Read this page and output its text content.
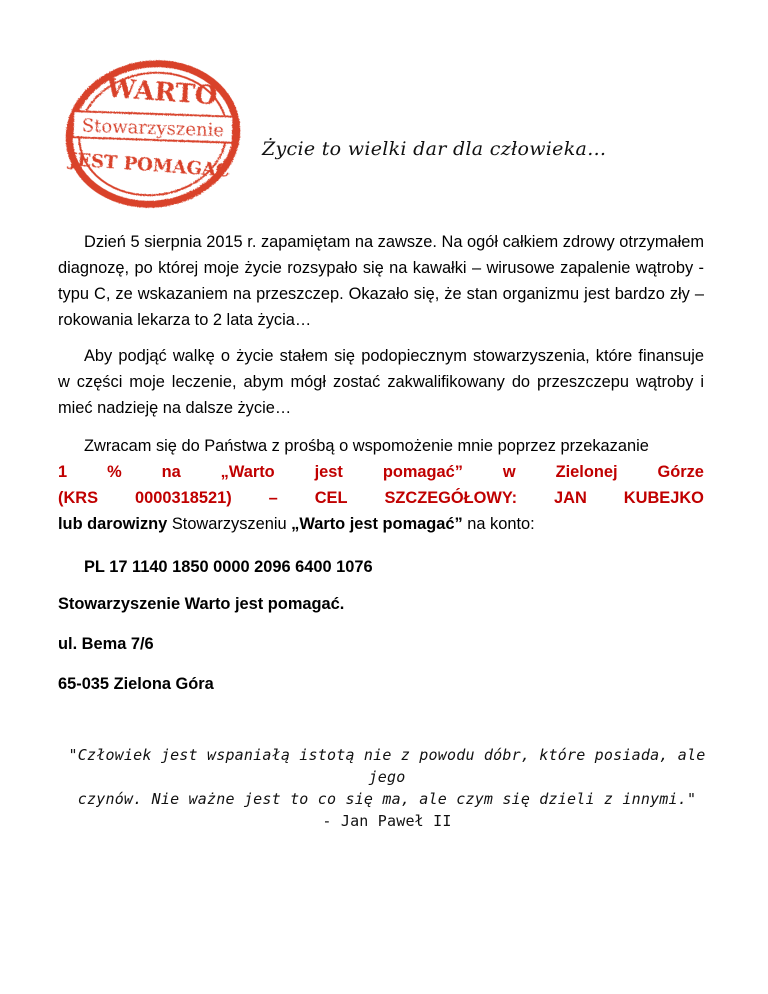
WARTO
Stowarzyszenie
JEST POMAGAĆ
Życie to wielki dar dla człowieka…

Dzień 5 sierpnia 2015 r. zapamiętam na zawsze. Na ogół całkiem zdrowy otrzymałem diagnozę, po której moje życie rozsypało się na kawałki – wirusowe zapalenie wątroby - typu C, ze wskazaniem na przeszczep. Okazało się, że stan organizmu jest bardzo zły – rokowania lekarza to 2 lata życia…

Aby podjąć walkę o życie stałem się podopiecznym stowarzyszenia, które finansuje w części moje leczenie, abym mógł zostać zakwalifikowany do przeszczepu wątroby i mieć nadzieję na dalsze życie…

Zwracam się do Państwa z prośbą o wspomożenie mnie poprzez przekazanie
1 % na „Warto jest pomagać” w Zielonej Górze
(KRS 0000318521) – CEL SZCZEGÓŁOWY: JAN KUBEJKO
lub darowizny Stowarzyszeniu „Warto jest pomagać” na konto:
PL 17 1140 1850 0000 2096 6400 1076
Stowarzyszenie Warto jest pomagać.
ul. Bema 7/6
65-035 Zielona Góra
"Człowiek jest wspaniałą istotą nie z powodu dóbr, które posiada, ale jego
czynów. Nie ważne jest to co się ma, ale czym się dzieli z innymi."
- Jan Paweł II
